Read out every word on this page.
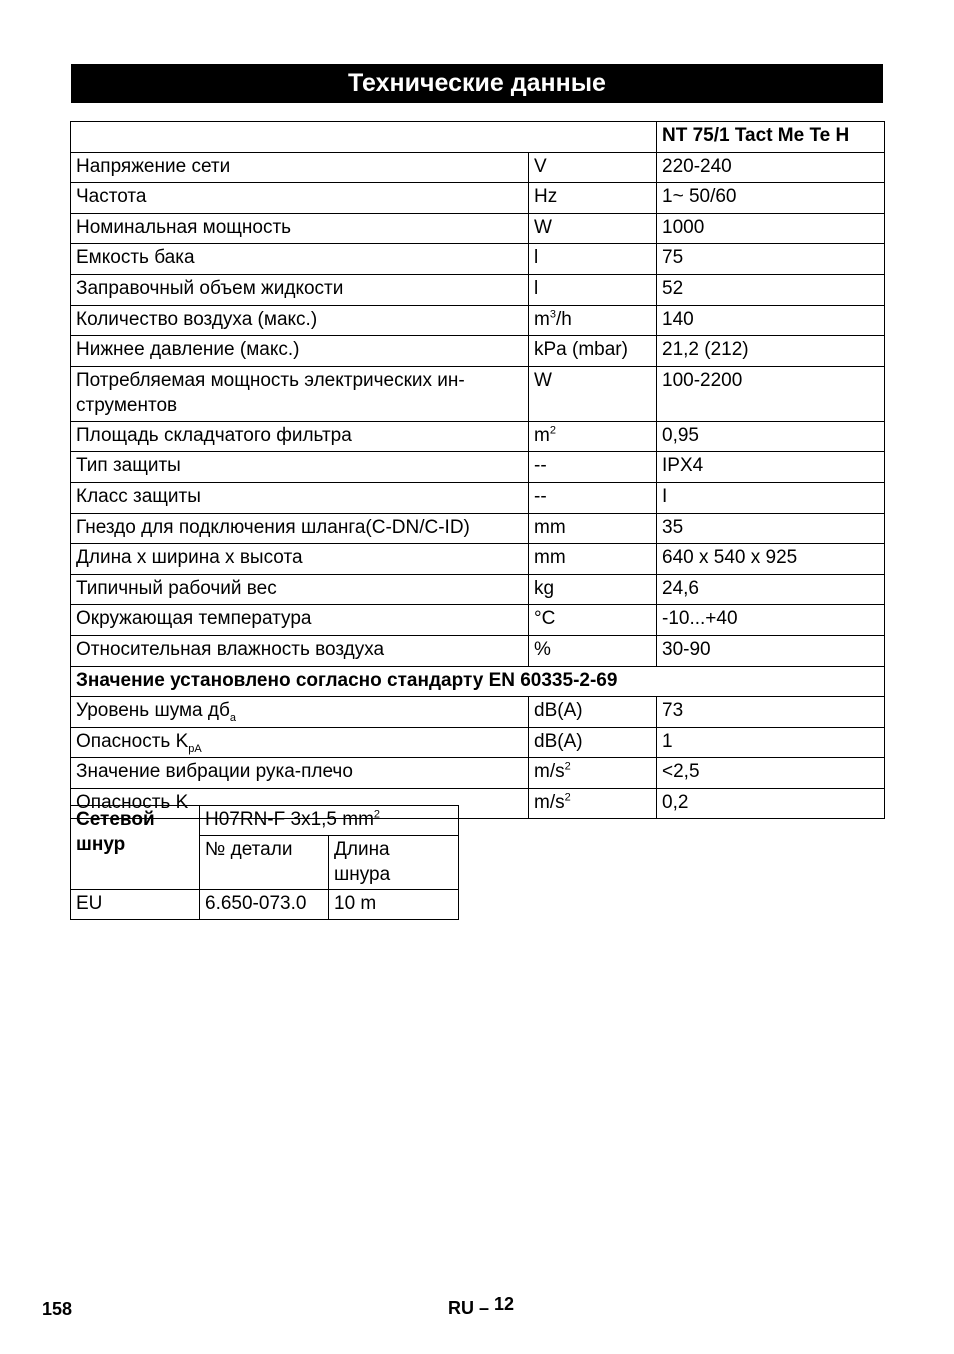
Технические данные
		NT 75/1 Tact Me Te H
Напряжение сети	V	220-240
Частота	Hz	1~ 50/60
Номинальная мощность	W	1000
Емкость бака	l	75
Заправочный объем жидкости	l	52
Количество воздуха (макс.)	$m^3/h$	140
Нижнее давление (макс.)	kPa (mbar)	21,2 (212)
Потребляемая мощность электрических ин-
струментов	W	100-2200
Площадь складчатого фильтра	$m^2$	0,95
Тип защиты	--	IPX4
Класс защиты	--	I
Гнездо для подключения шланга(C-DN/C-ID)	mm	35
Длина x ширина x высота	mm	640 x 540 x 925
Типичный рабочий вес	kg	24,6
Окружающая температура	°C	-10...+40
Относительная влажность воздуха	%	30-90
Значение установлено согласно стандарту EN 60335-2-69		
Уровень шума $дб_a$	dB(A)	73
Опасность $K_{pA}$	dB(A)	1
Значение вибрации рука-плечо	$m/s^2$	<2,5
Опасность K	$m/s^2$	0,2
Сетевой
шнур	H07RN-F 3x1,5 $mm^2$
	№ детали	Длина
шнура
EU	6.650-073.0	10 m
158	RU – 12
